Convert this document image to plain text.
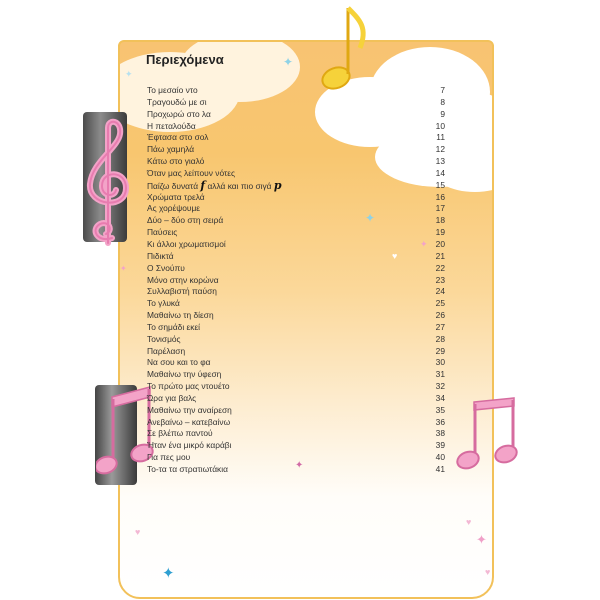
✦
✦
✦
✦
✦
✦
✦
✦
♥
♥
♥
♥
Περιεχόμενα
Το μεσαίο ντο	7
Τραγουδώ με σι	8
Προχωρώ στο λα	9
Η πεταλούδα	10
Έφτασα στο σολ	11
Πάω χαμηλά	12
Κάτω στο γιαλό	13
Όταν μας λείπουν νότες	14
Παίζω δυνατά f αλλά και πιο σιγά p	15
Χρώματα τρελά	16
Ας χορέψουμε	17
Δύο – δύο στη σειρά	18
Παύσεις	19
Κι άλλοι χρωματισμοί	20
Πιδικτά	21
Ο Σνούπυ	22
Μόνο στην κορώνα	23
Συλλαβιστή παύση	24
Το γλυκά	25
Μαθαίνω τη δίεση	26
Το σημάδι εκεί	27
Τονισμός	28
Παρέλαση	29
Να σου και το φα	30
Μαθαίνω την ύφεση	31
Το πρώτο μας ντουέτο	32
Ώρα για βαλς	34
Μαθαίνω την αναίρεση	35
Ανεβαίνω – κατεβαίνω	36
Σε βλέπω παντού	38
Ήταν ένα μικρό καράβι	39
Για πες μου	40
Το-τα τα στρατιωτάκια	41
